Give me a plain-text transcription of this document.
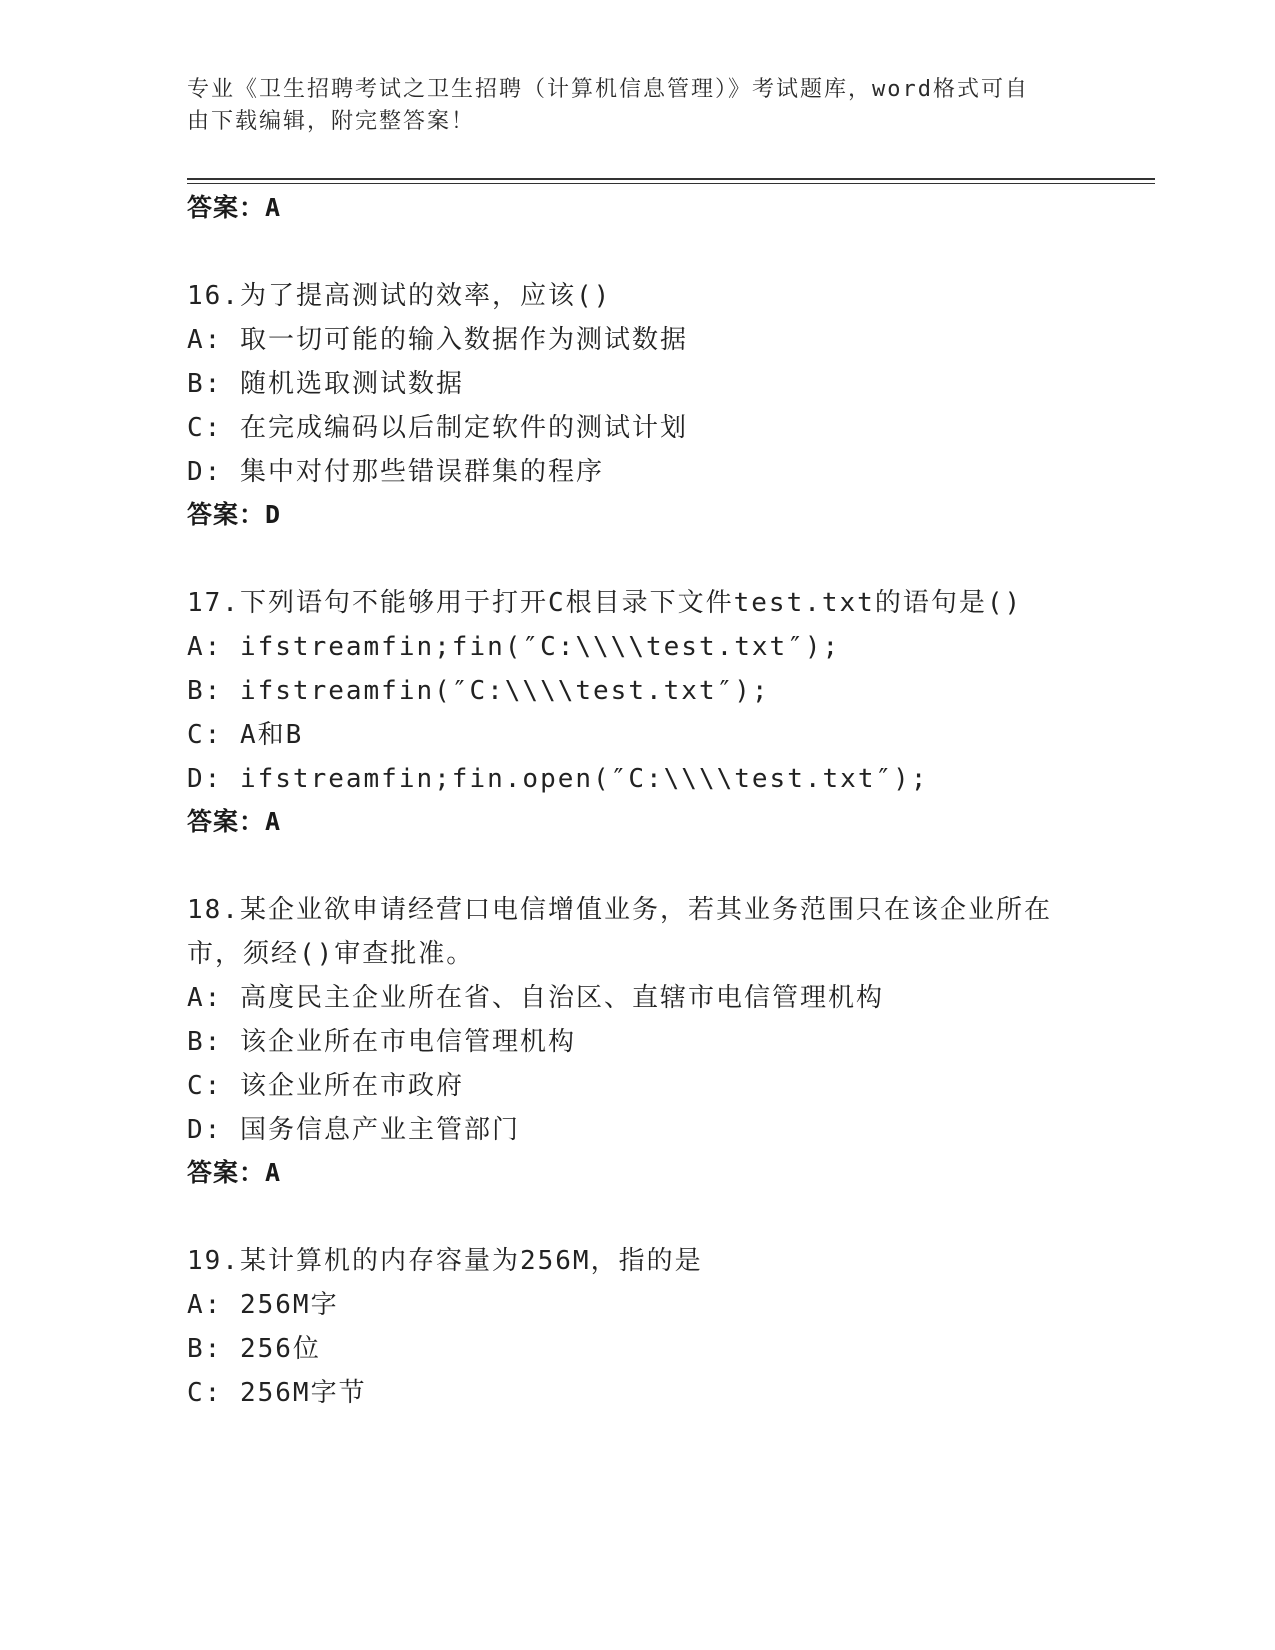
专业《卫生招聘考试之卫生招聘（计算机信息管理）》考试题库，word格式可自
由下载编辑，附完整答案！
答案：A
16.为了提高测试的效率，应该()
A: 取一切可能的输入数据作为测试数据
B: 随机选取测试数据
C: 在完成编码以后制定软件的测试计划
D: 集中对付那些错误群集的程序
答案：D
17.下列语句不能够用于打开C根目录下文件test.txt的语句是()
A: ifstreamfin;fin(″C:\\\\test.txt″);
B: ifstreamfin(″C:\\\\test.txt″);
C: A和B
D: ifstreamfin;fin.open(″C:\\\\test.txt″);
答案：A
18.某企业欲申请经营口电信增值业务，若其业务范围只在该企业所在
市，须经()审查批准。
A: 高度民主企业所在省、自治区、直辖市电信管理机构
B: 该企业所在市电信管理机构
C: 该企业所在市政府
D: 国务信息产业主管部门
答案：A
19.某计算机的内存容量为256M，指的是
A: 256M字
B: 256位
C: 256M字节
